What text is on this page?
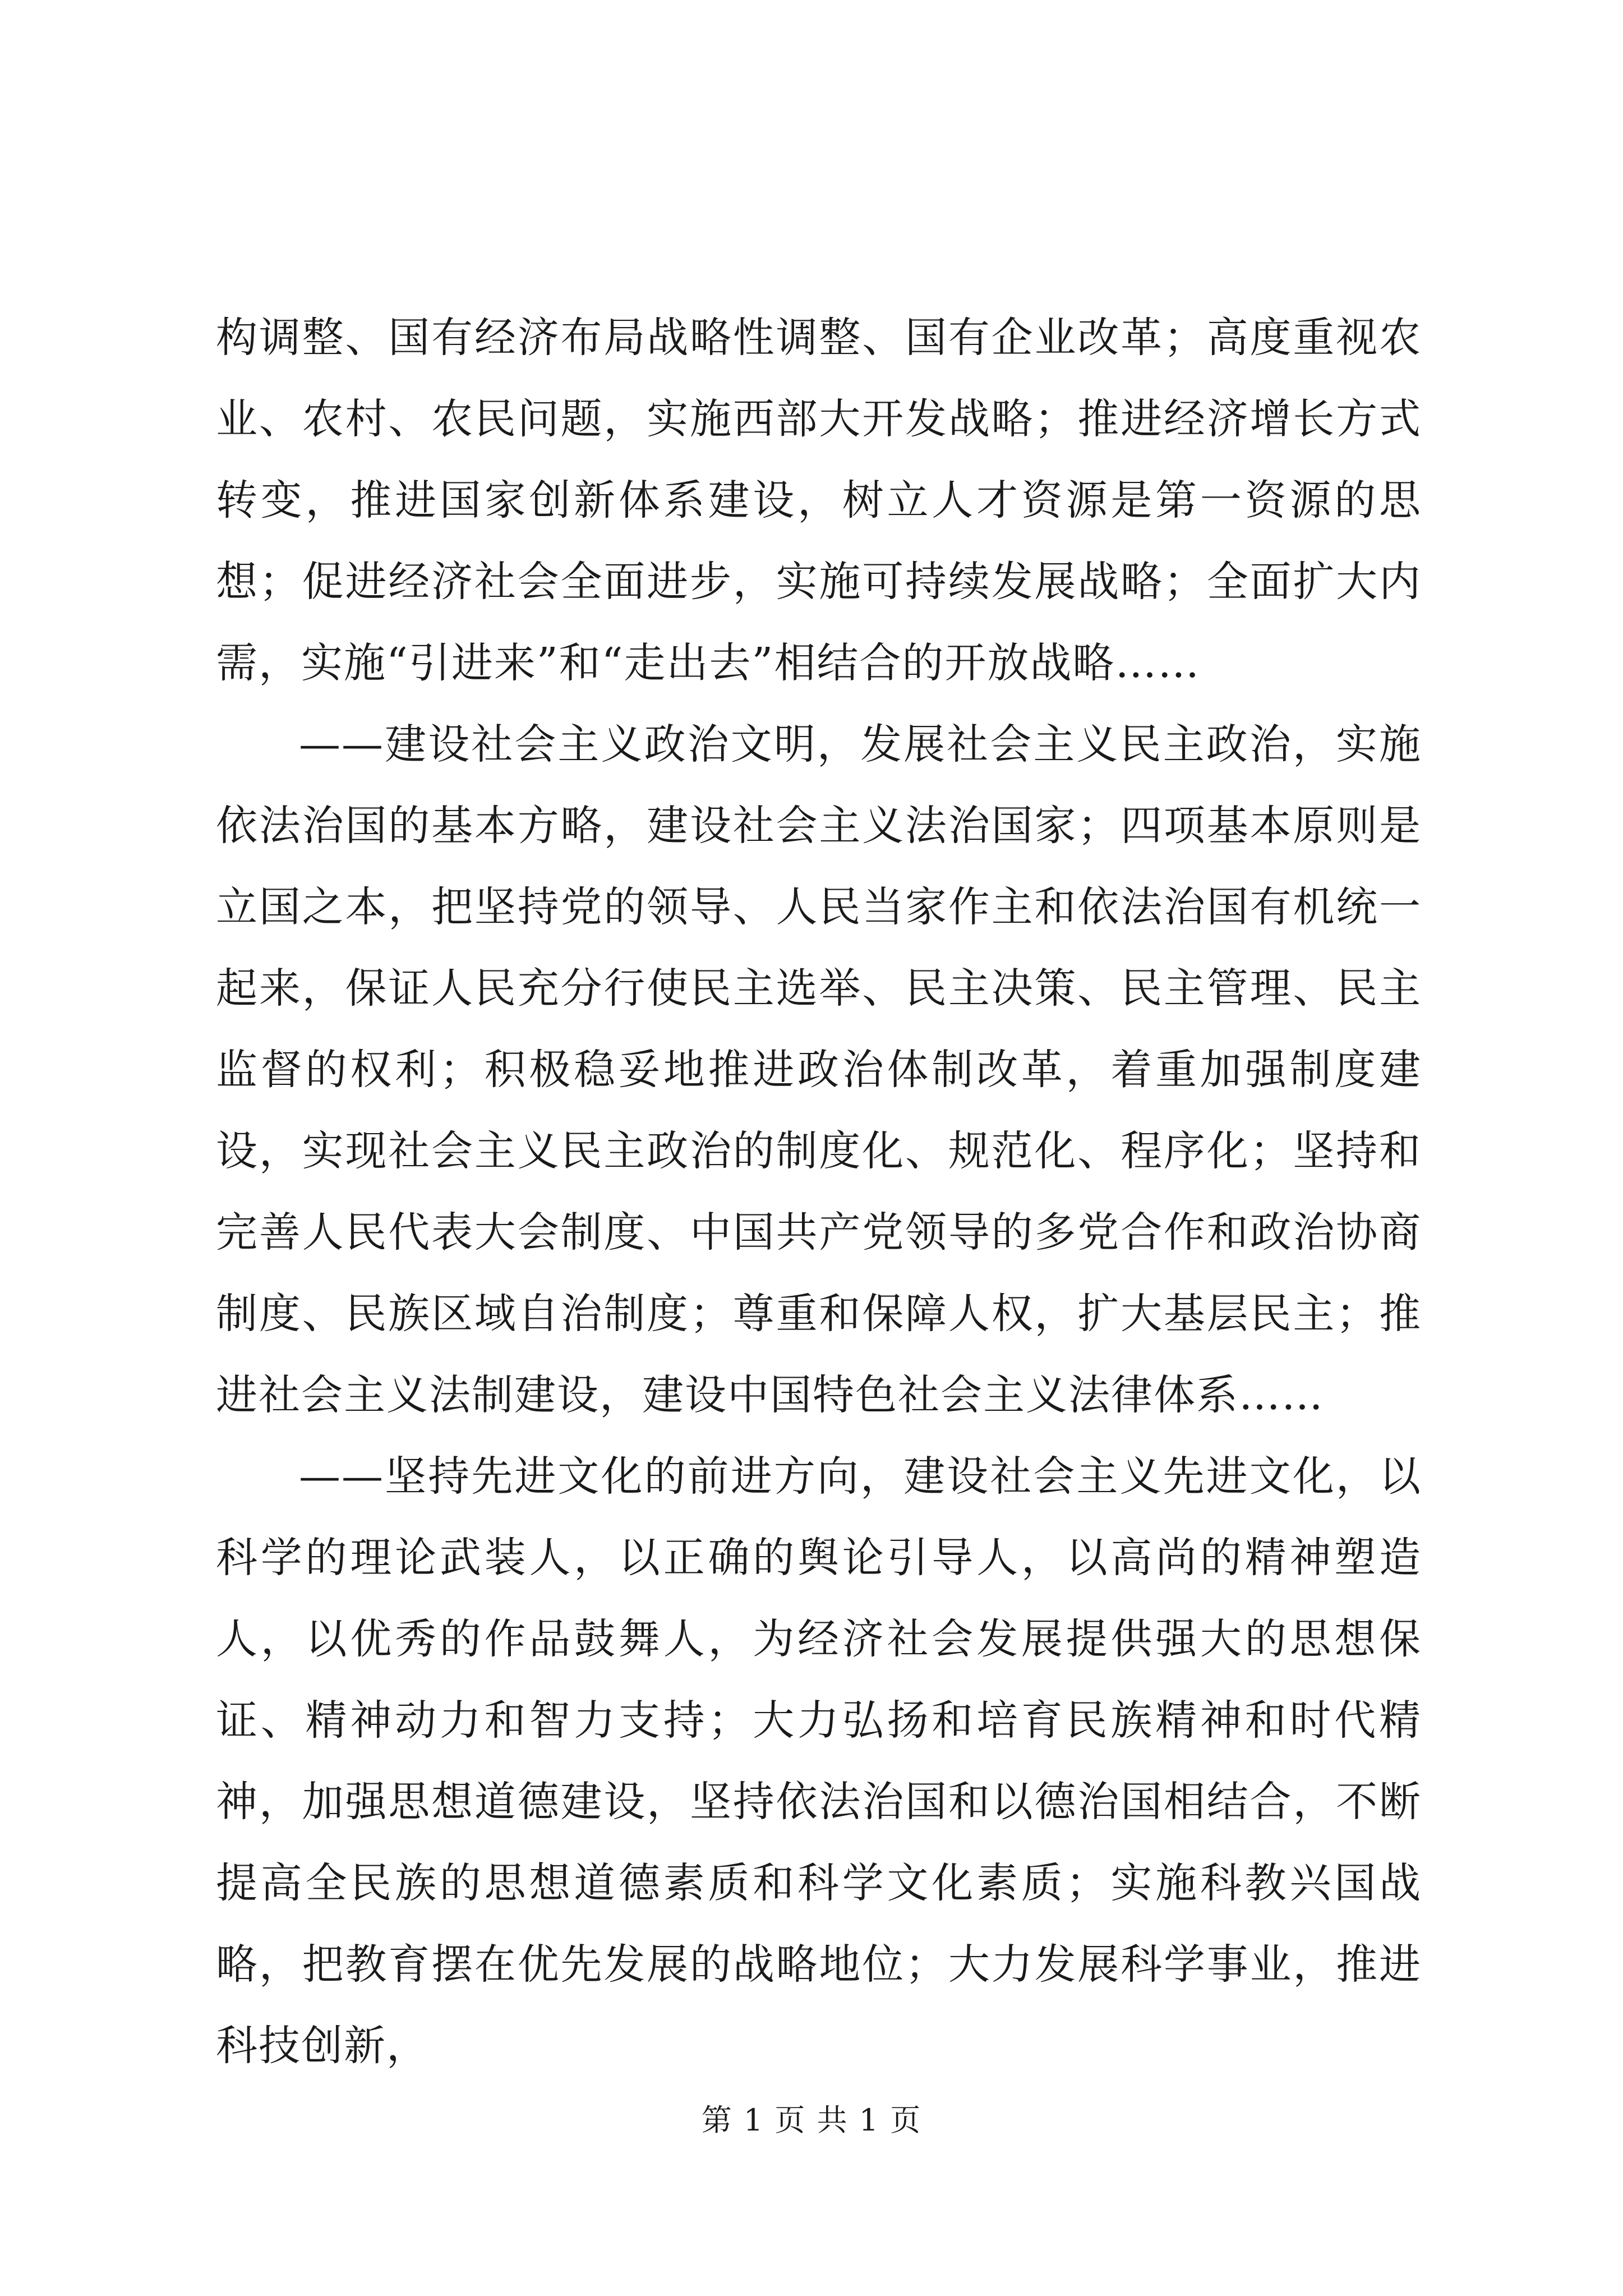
构调整、国有经济布局战略性调整、国有企业改革；高度重视农业、农村、农民问题，实施西部大开发战略；推进经济增长方式转变，推进国家创新体系建设，树立人才资源是第一资源的思想；促进经济社会全面进步，实施可持续发展战略；全面扩大内需，实施“引进来”和“走出去”相结合的开放战略……

——建设社会主义政治文明，发展社会主义民主政治，实施依法治国的基本方略，建设社会主义法治国家；四项基本原则是立国之本，把坚持党的领导、人民当家作主和依法治国有机统一起来，保证人民充分行使民主选举、民主决策、民主管理、民主监督的权利；积极稳妥地推进政治体制改革，着重加强制度建设，实现社会主义民主政治的制度化、规范化、程序化；坚持和完善人民代表大会制度、中国共产党领导的多党合作和政治协商制度、民族区域自治制度；尊重和保障人权，扩大基层民主；推进社会主义法制建设，建设中国特色社会主义法律体系……

——坚持先进文化的前进方向，建设社会主义先进文化，以科学的理论武装人，以正确的舆论引导人，以高尚的精神塑造人，以优秀的作品鼓舞人，为经济社会发展提供强大的思想保证、精神动力和智力支持；大力弘扬和培育民族精神和时代精神，加强思想道德建设，坚持依法治国和以德治国相结合，不断提高全民族的思想道德素质和科学文化素质；实施科教兴国战略，把教育摆在优先发展的战略地位；大力发展科学事业，推进科技创新，

第 1 页 共 1 页
